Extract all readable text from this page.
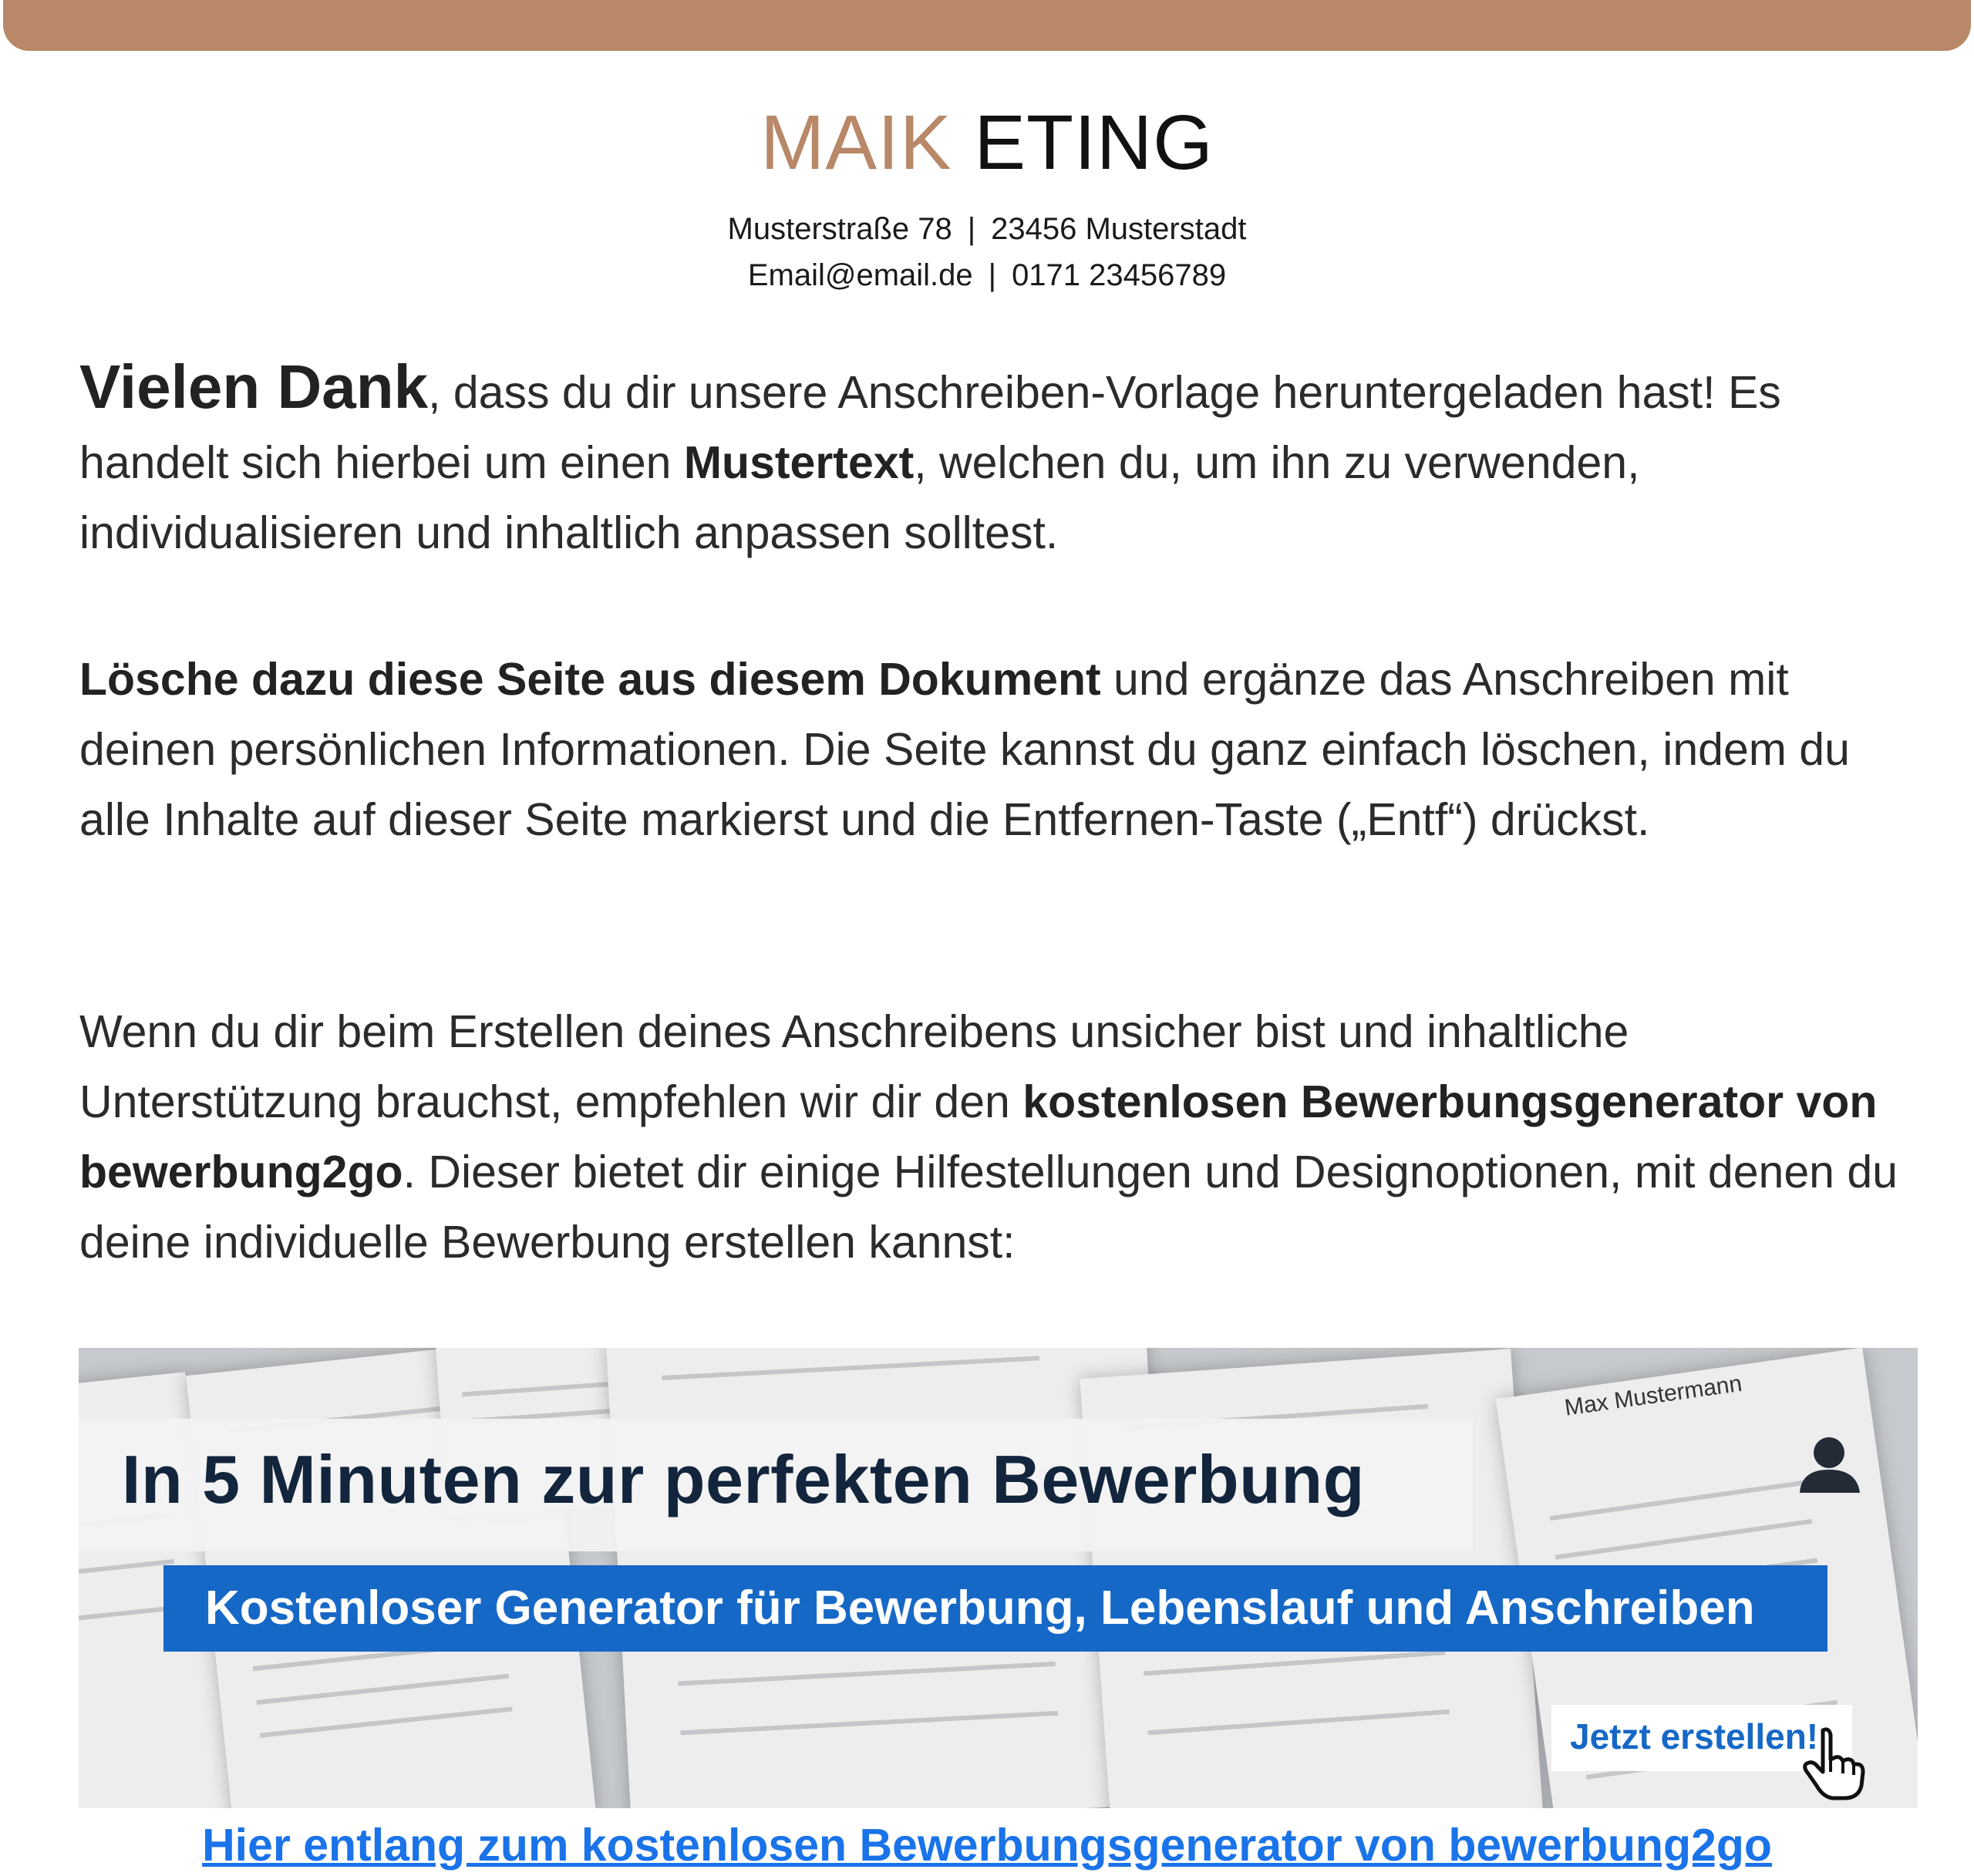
MAIK ETING
Musterstraße 78 | 23456 Musterstadt
Email@email.de | 0171 23456789
Vielen Dank, dass du dir unsere Anschreiben-Vorlage heruntergeladen hast! Es handelt sich hierbei um einen Mustertext, welchen du, um ihn zu verwenden, individualisieren und inhaltlich anpassen solltest.
Lösche dazu diese Seite aus diesem Dokument und ergänze das Anschreiben mit deinen persönlichen Informationen. Die Seite kannst du ganz einfach löschen, indem du alle Inhalte auf dieser Seite markierst und die Entfernen-Taste („Entf“) drückst.
Wenn du dir beim Erstellen deines Anschreibens unsicher bist und inhaltliche Unterstützung brauchst, empfehlen wir dir den kostenlosen Bewerbungsgenerator von bewerbung2go. Dieser bietet dir einige Hilfestellungen und Designoptionen, mit denen du deine individuelle Bewerbung erstellen kannst:
Max Mustermann
In 5 Minuten zur perfekten Bewerbung
Kostenloser Generator für Bewerbung, Lebenslauf und Anschreiben
Jetzt erstellen!
Hier entlang zum kostenlosen Bewerbungsgenerator von bewerbung2go
